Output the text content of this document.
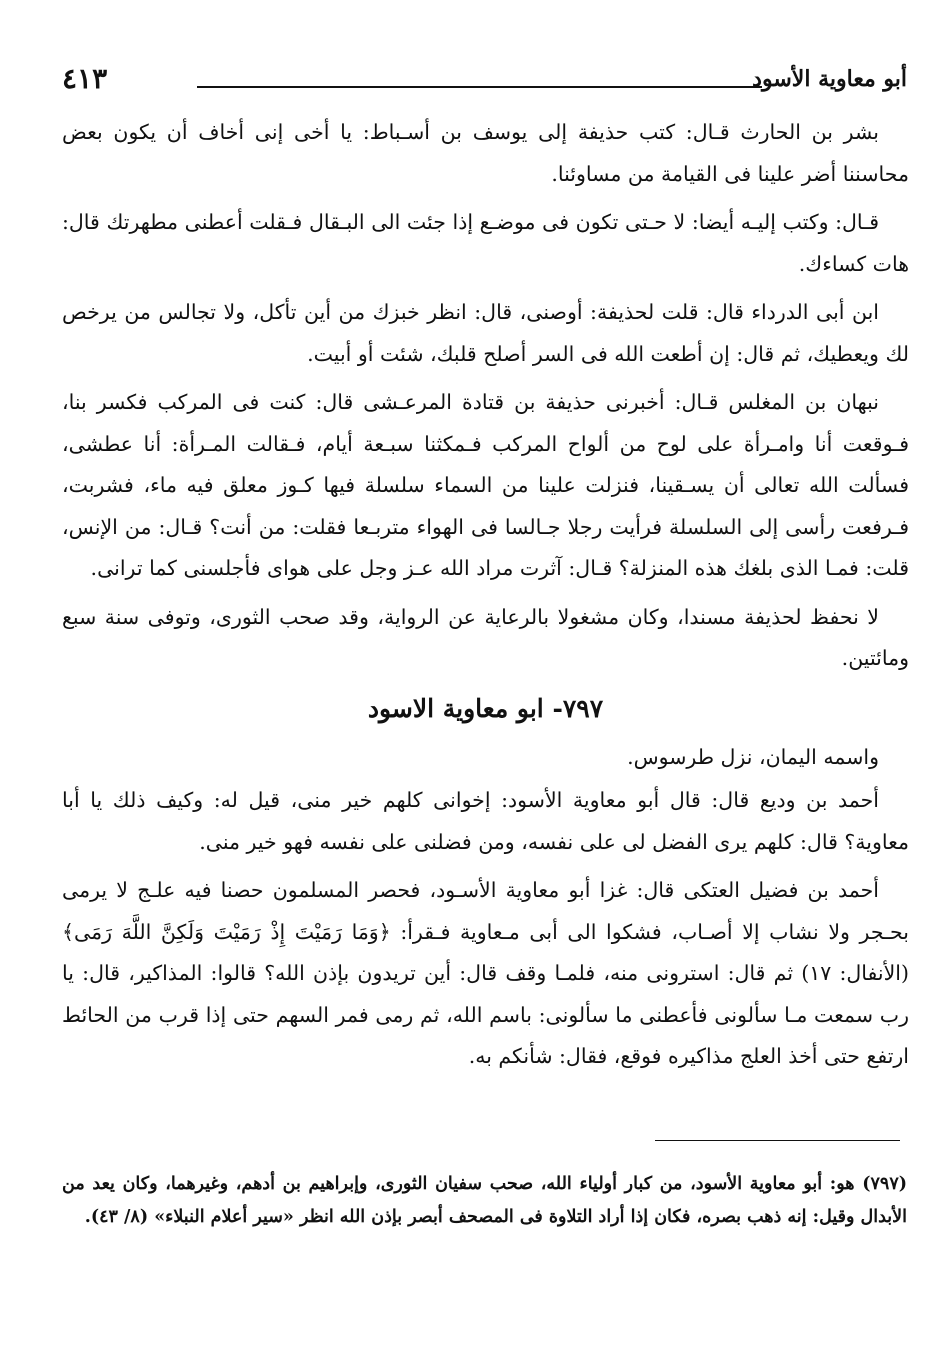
٤١٣	أبو معاوية الأسود

بشر بن الحارث قـال: كتب حذيفة إلى يوسف بن أسـباط: يا أخى إنى أخاف أن يكون بعض محاسننا أضر علينا فى القيامة من مساوئنا.

قـال: وكتب إليـه أيضا: لا حـتى تكون فى موضـع إذا جئت الى البـقال فـقلت أعطنى مطهرتك قال: هات كساءك.

ابن أبى الدرداء قال: قلت لحذيفة: أوصنى، قال: انظر خبزك من أين تأكل، ولا تجالس من يرخص لك ويعطيك، ثم قال: إن أطعت الله فى السر أصلح قلبك، شئت أو أبيت.

نبهان بن المغلس قـال: أخبرنى حذيفة بن قتادة المرعـشى قال: كنت فى المركب فكسر بنا، فـوقعت أنا وامـرأة على لوح من ألواح المركب فـمكثنا سبـعة أيام، فـقالت المـرأة: أنا عطشى، فسألت الله تعالى أن يسـقينا، فنزلت علينا من السماء سلسلة فيها كـوز معلق فيه ماء، فشربت، فـرفعت رأسى إلى السلسلة فرأيت رجلا جـالسا فى الهواء متربـعا فقلت: من أنت؟ قـال: من الإنس، قلت: فمـا الذى بلغك هذه المنزلة؟ قـال: آثرت مراد الله عـز وجل على هواى فأجلسنى كما ترانى.

لا نحفظ لحذيفة مسندا، وكان مشغولا بالرعاية عن الرواية، وقد صحب الثورى، وتوفى سنة سبع ومائتين.

٧٩٧- ابو معاوية الاسود

واسمه اليمان، نزل طرسوس.

أحمد بن وديع قال: قال أبو معاوية الأسود: إخوانى كلهم خير منى، قيل له: وكيف ذلك يا أبا معاوية؟ قال: كلهم يرى الفضل لى على نفسه، ومن فضلنى على نفسه فهو خير منى.

أحمد بن فضيل العتكى قال: غزا أبو معاوية الأسـود، فحصر المسلمون حصنا فيه علـج لا يرمى بحـجر ولا نشاب إلا أصـاب، فشكوا الى أبى مـعاوية فـقرأ: ﴿وَمَا رَمَيْتَ إِذْ رَمَيْتَ وَلَكِنَّ اللَّهَ رَمَى﴾ (الأنفال: ١٧) ثم قال: استرونى منه، فلمـا وقف قال: أين تريدون بإذن الله؟ قالوا: المذاكير، قال: يا رب سمعت مـا سألونى فأعطنى ما سألونى: باسم الله، ثم رمى فمر السهم حتى إذا قرب من الحائط ارتفع حتى أخذ العلج مذاكيره فوقع، فقال: شأنكم به.

(٧٩٧) هو: أبو معاوية الأسود، من كبار أولياء الله، صحب سفيان الثورى، وإبراهيم بن أدهم، وغيرهما، وكان يعد من الأبدال وقيل: إنه ذهب بصره، فكان إذا أراد التلاوة فى المصحف أبصر بإذن الله انظر «سير أعلام النبلاء» (٨/ ٤٣).
